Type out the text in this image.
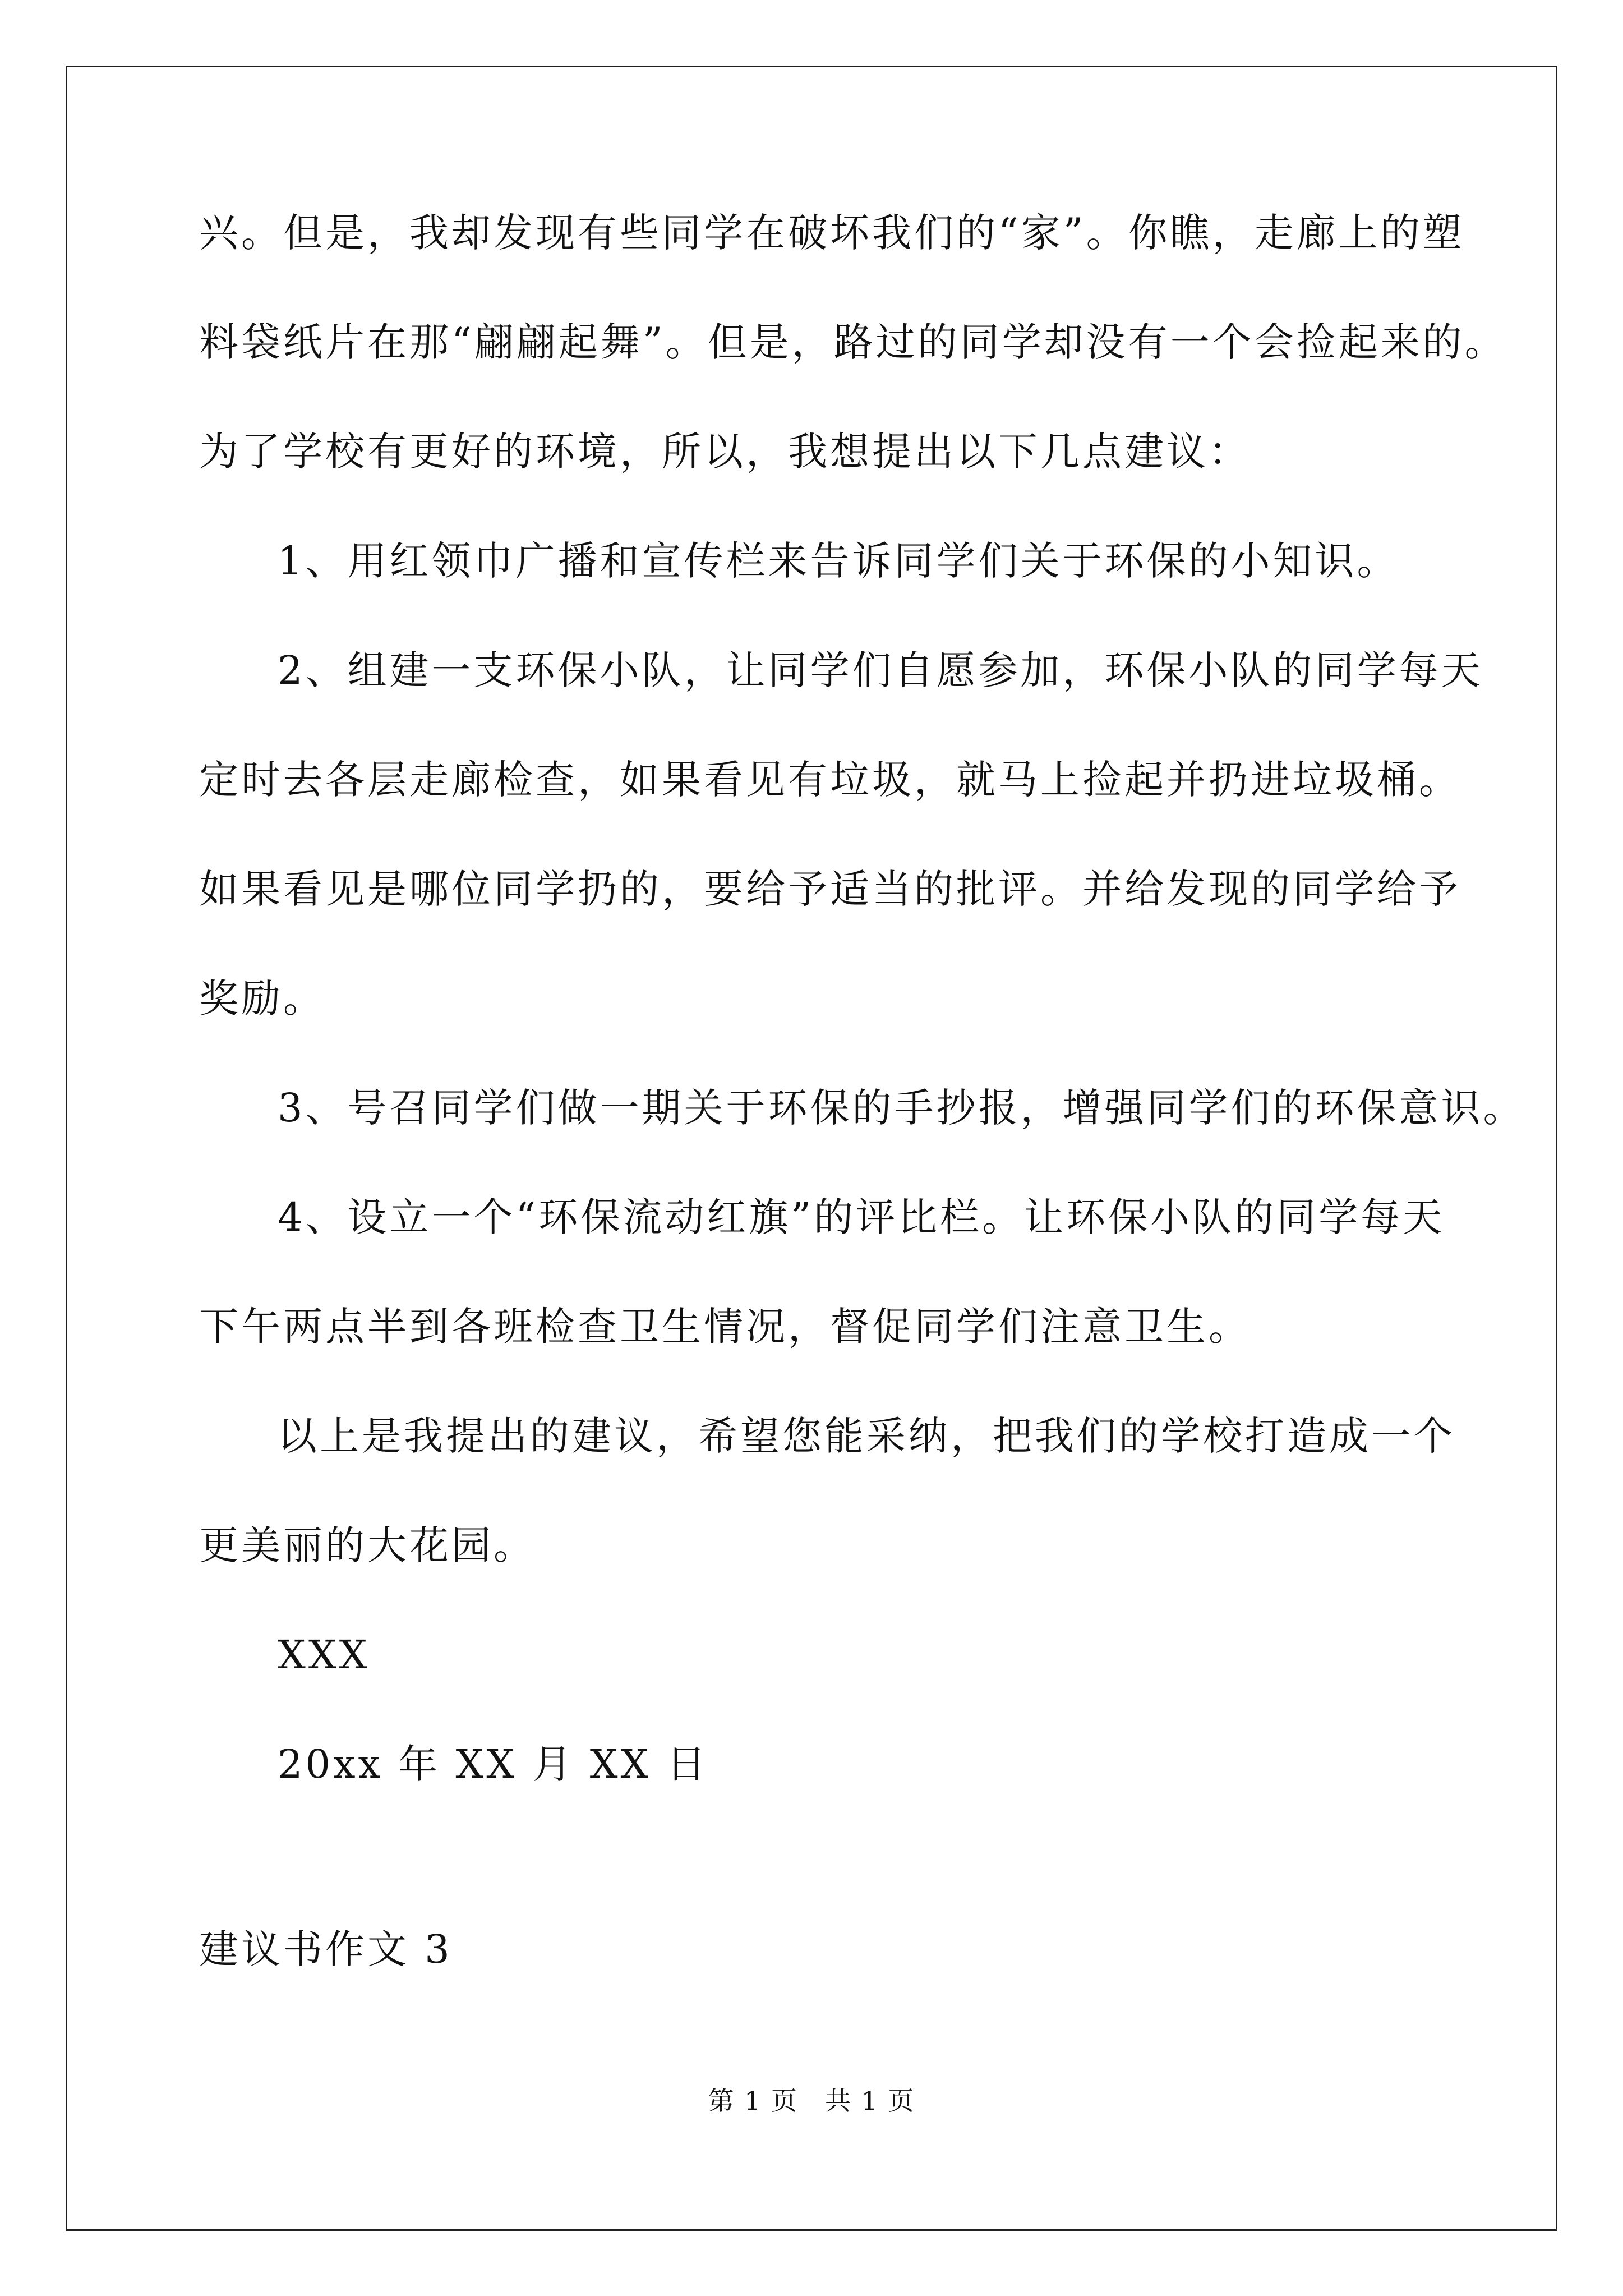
兴。但是，我却发现有些同学在破坏我们的“家”。你瞧，走廊上的塑
料袋纸片在那“翩翩起舞”。但是，路过的同学却没有一个会捡起来的。
为了学校有更好的环境，所以，我想提出以下几点建议：
1、用红领巾广播和宣传栏来告诉同学们关于环保的小知识。
2、组建一支环保小队，让同学们自愿参加，环保小队的同学每天
定时去各层走廊检查，如果看见有垃圾，就马上捡起并扔进垃圾桶。
如果看见是哪位同学扔的，要给予适当的批评。并给发现的同学给予
奖励。
3、号召同学们做一期关于环保的手抄报，增强同学们的环保意识。
4、设立一个“环保流动红旗”的评比栏。让环保小队的同学每天
下午两点半到各班检查卫生情况，督促同学们注意卫生。
以上是我提出的建议，希望您能采纳，把我们的学校打造成一个
更美丽的大花园。
XXX
20xx 年 XX 月 XX 日
建议书作文 3
第 1 页　共 1 页
